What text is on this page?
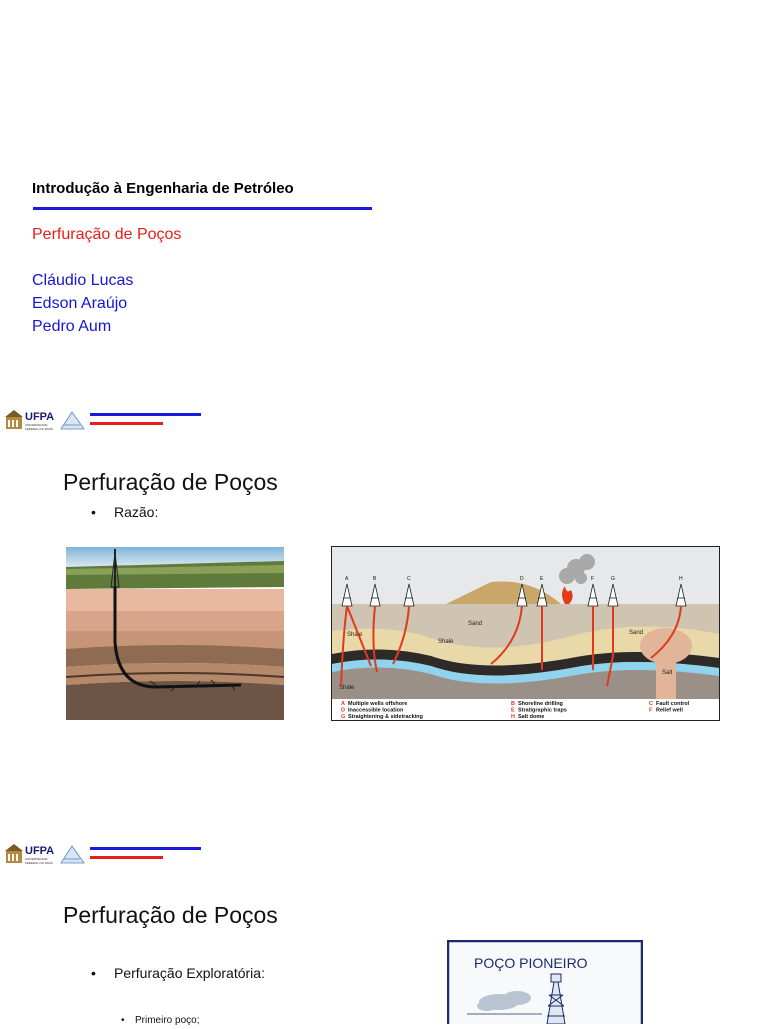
Introdução à Engenharia de Petróleo
Perfuração de Poços
Cláudio Lucas
Edson Araújo
Pedro Aum
UFPA
UNIVERSIDADE
FEDERAL DO PARÁ
Perfuração de Poços
• Razão:
Shale
Shale
Shale
Sand
Sand
Salt
A	B	C	D	E	F	G	H
A Multiple wells offshore
D Inaccessible location
G Straightening & sidetracking
B Shoreline drilling
E Stratigraphic traps
H Salt dome
C Fault control
F Relief well
UFPA
UNIVERSIDADE
FEDERAL DO PARÁ
Perfuração de Poços
• Perfuração Exploratória:
• Primeiro poço;
POÇO PIONEIRO
